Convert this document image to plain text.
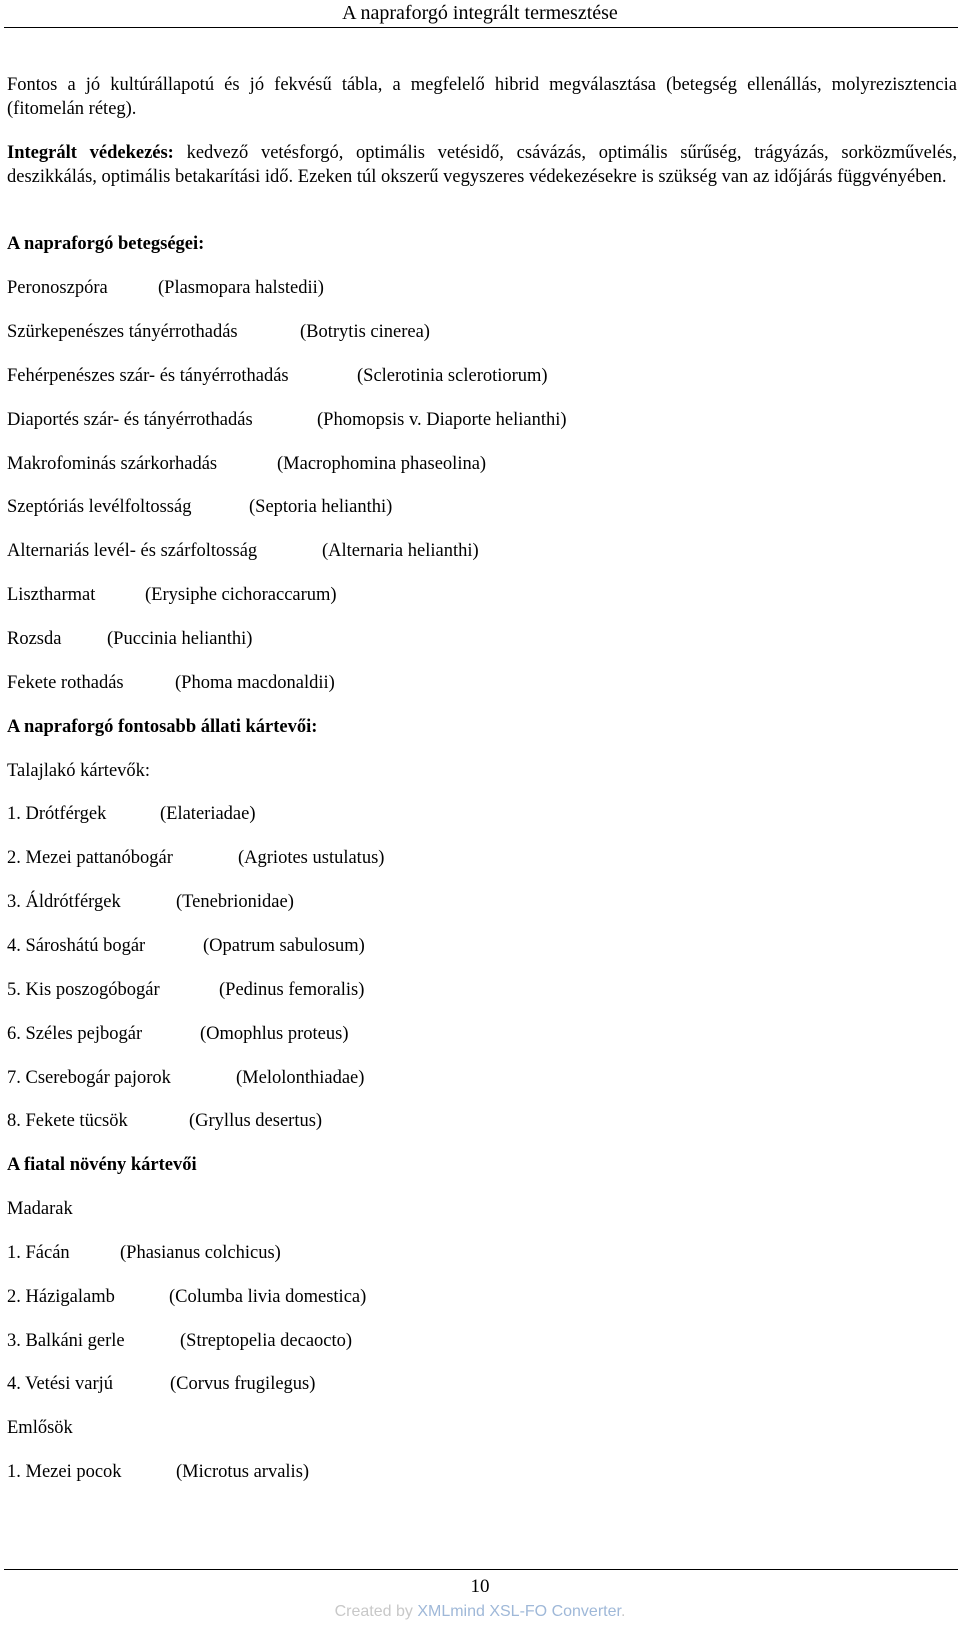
A napraforgó integrált termesztése

Fontos a jó kultúrállapotú és jó fekvésű tábla, a megfelelő hibrid megválasztása (betegség ellenállás, molyrezisztencia (fitomelán réteg).

Integrált védekezés: kedvező vetésforgó, optimális vetésidő, csávázás, optimális sűrűség, trágyázás, sorközművelés, deszikkálás, optimális betakarítási idő. Ezeken túl okszerű vegyszeres védekezésekre is szükség van az időjárás függvényében.

A napraforgó betegségei:
Peronoszpóra	(Plasmopara halstedii)
Szürkepenészes tányérrothadás	(Botrytis cinerea)
Fehérpenészes szár- és tányérrothadás	(Sclerotinia sclerotiorum)
Diaportés szár- és tányérrothadás	(Phomopsis v. Diaporte helianthi)
Makrofominás szárkorhadás	(Macrophomina phaseolina)
Szeptóriás levélfoltosság	(Septoria helianthi)
Alternariás levél- és szárfoltosság	(Alternaria helianthi)
Lisztharmat	(Erysiphe cichoraccarum)
Rozsda (Puccinia helianthi)
Fekete rothadás	(Phoma macdonaldii)
A napraforgó fontosabb állati kártevői:
Talajlakó kártevők:
1. Drótférgek	(Elateriadae)
2. Mezei pattanóbogár	(Agriotes ustulatus)
3. Áldrótférgek	(Tenebrionidae)
4. Sároshátú bogár	(Opatrum sabulosum)
5. Kis poszogóbogár	(Pedinus femoralis)
6. Széles pejbogár	(Omophlus proteus)
7. Cserebogár pajorok	(Melolonthiadae)
8. Fekete tücsök	(Gryllus desertus)
A fiatal növény kártevői
Madarak
1. Fácán	(Phasianus colchicus)
2. Házigalamb	(Columba livia domestica)
3. Balkáni gerle	(Streptopelia decaocto)
4. Vetési varjú	(Corvus frugilegus)
Emlősök
1. Mezei pocok	(Microtus arvalis)
10
Created by XMLmind XSL-FO Converter.
